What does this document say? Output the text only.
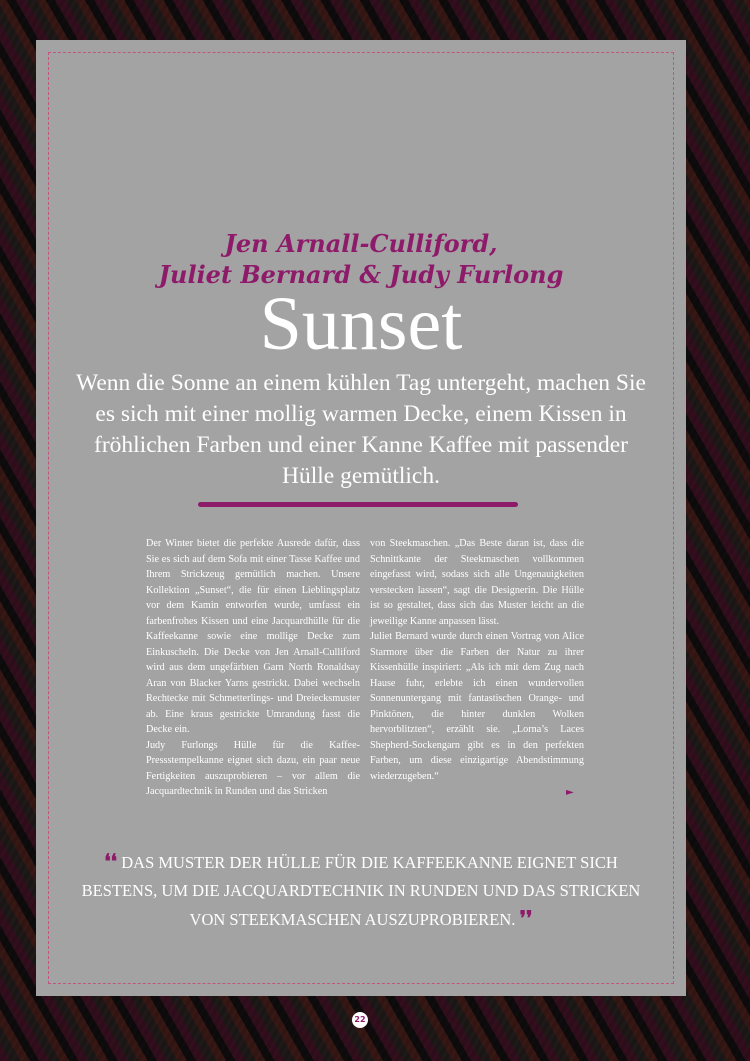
Jen Arnall-Culliford,
Juliet Bernard & Judy Furlong
Sunset
Wenn die Sonne an einem kühlen Tag untergeht, machen Sie es sich mit einer mollig warmen Decke, einem Kissen in fröhlichen Farben und einer Kanne Kaffee mit passender Hülle gemütlich.

Der Winter bietet die perfekte Ausrede dafür, dass Sie es sich auf dem Sofa mit einer Tasse Kaffee und Ihrem Strickzeug gemütlich machen. Unsere Kollektion „Sunset“, die für einen Lieblingsplatz vor dem Kamin entworfen wurde, umfasst ein farbenfrohes Kissen und eine Jacquardhülle für die Kaffeekanne sowie eine mollige Decke zum Einkuscheln. Die Decke von Jen Arnall-Culliford wird aus dem ungefärbten Garn North Ronaldsay Aran von Blacker Yarns gestrickt. Dabei wechseln Rechtecke mit Schmetterlings- und Dreiecksmuster ab. Eine kraus gestrickte Umrandung fasst die Decke ein.

Judy Furlongs Hülle für die Kaffee-Pressstempelkanne eignet sich dazu, ein paar neue Fertigkeiten auszuprobieren – vor allem die Jacquardtechnik in Runden und das Stricken

von Steekmaschen. „Das Beste daran ist, dass die Schnittkante der Steekmaschen vollkommen eingefasst wird, sodass sich alle Ungenauigkeiten verstecken lassen“, sagt die Designerin. Die Hülle ist so gestaltet, dass sich das Muster leicht an die jeweilige Kanne anpassen lässt.

Juliet Bernard wurde durch einen Vortrag von Alice Starmore über die Farben der Natur zu ihrer Kissenhülle inspiriert: „Als ich mit dem Zug nach Hause fuhr, erlebte ich einen wundervollen Sonnenuntergang mit fantastischen Orange- und Pinktönen, die hinter dunklen Wolken hervorblitzten“, erzählt sie. „Lorna’s Laces Shepherd-Sockengarn gibt es in den perfekten Farben, um diese einzigartige Abendstimmung wiederzugeben.“

►
❛❛ DAS MUSTER DER HÜLLE FÜR DIE KAFFEEKANNE EIGNET SICH BESTENS, UM DIE JACQUARDTECHNIK IN RUNDEN UND DAS STRICKEN VON STEEKMASCHEN AUSZUPROBIEREN. ❜❜
22
